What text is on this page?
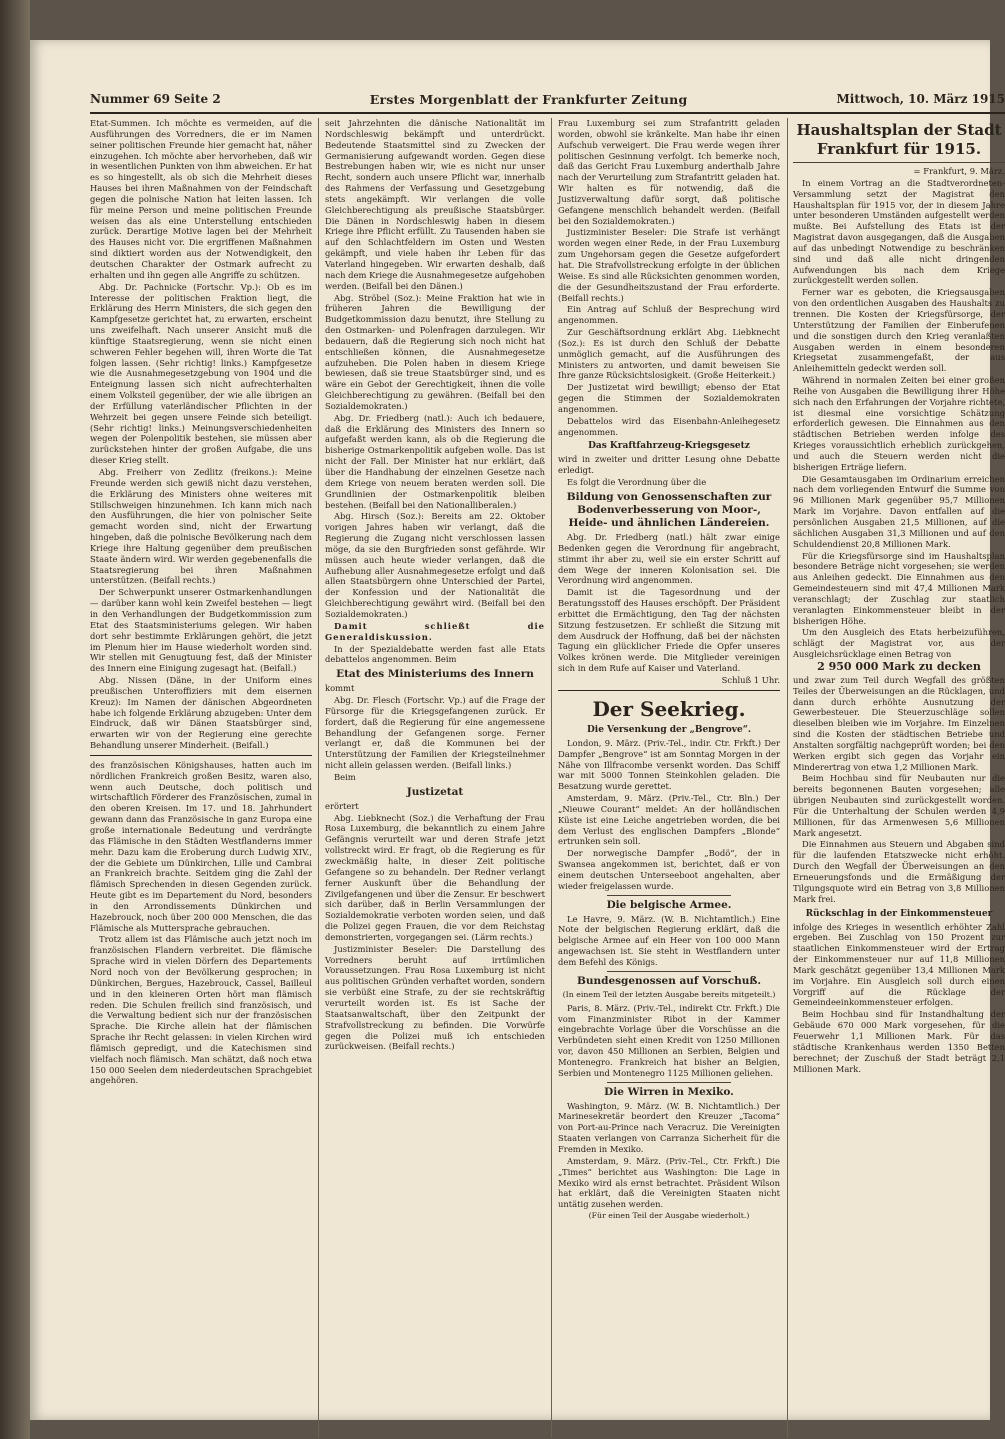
Nummer 69 Seite 2	Erstes Morgenblatt der Frankfurter Zeitung	Mittwoch, 10. März 1915

Etat-Summen. Ich möchte es vermeiden, auf die Ausführungen des Vorredners, die er im Namen seiner politischen Freunde hier gemacht hat, näher einzugehen. Ich möchte aber hervorheben, daß wir in wesentlichen Punkten von ihm abweichen. Er hat es so hingestellt, als ob sich die Mehrheit dieses Hauses bei ihren Maßnahmen von der Feindschaft gegen die polnische Nation hat leiten lassen. Ich für meine Person und meine politischen Freunde weisen das als eine Unterstellung entschieden zurück. Derartige Motive lagen bei der Mehrheit des Hauses nicht vor. Die ergriffenen Maßnahmen sind diktiert worden aus der Notwendigkeit, den deutschen Charakter der Ostmark aufrecht zu erhalten und ihn gegen alle Angriffe zu schützen.

Abg. Dr. Pachnicke (Fortschr. Vp.): Ob es im Interesse der politischen Fraktion liegt, die Erklärung des Herrn Ministers, die sich gegen den Kampfgesetze gerichtet hat, zu erwarten, erscheint uns zweifelhaft. Nach unserer Ansicht muß die künftige Staatsregierung, wenn sie nicht einen schweren Fehler begehen will, ihren Worte die Tat folgen lassen. (Sehr richtig! links.) Kampfgesetze wie die Ausnahmegesetzgebung von 1904 und die Enteignung lassen sich nicht aufrechterhalten einem Volksteil gegenüber, der wie alle übrigen an der Erfüllung vaterländischer Pflichten in der Wehrzeit bei gegen unsere Feinde sich beteiligt. (Sehr richtig! links.) Meinungsverschiedenheiten wegen der Polenpolitik bestehen, sie müssen aber zurückstehen hinter der großen Aufgabe, die uns dieser Krieg stellt.

Abg. Freiherr von Zedlitz (freikons.): Meine Freunde werden sich gewiß nicht dazu verstehen, die Erklärung des Ministers ohne weiteres mit Stillschweigen hinzunehmen. Ich kann mich nach den Ausführungen, die hier von polnischer Seite gemacht worden sind, nicht der Erwartung hingeben, daß die polnische Bevölkerung nach dem Kriege ihre Haltung gegenüber dem preußischen Staate ändern wird. Wir werden gegebenenfalls die Staatsregierung bei ihren Maßnahmen unterstützen. (Beifall rechts.)

Der Schwerpunkt unserer Ostmarkenhandlungen — darüber kann wohl kein Zweifel bestehen — liegt in den Verhandlungen der Budgetkommission zum Etat des Staatsministeriums gelegen. Wir haben dort sehr bestimmte Erklärungen gehört, die jetzt im Plenum hier im Hause wiederholt worden sind. Wir stellen mit Genugtuung fest, daß der Minister des Innern eine Einigung zugesagt hat. (Beifall.)

Abg. Nissen (Däne, in der Uniform eines preußischen Unteroffiziers mit dem eisernen Kreuz): Im Namen der dänischen Abgeordneten habe ich folgende Erklärung abzugeben: Unter dem Eindruck, daß wir Dänen Staatsbürger sind, erwarten wir von der Regierung eine gerechte Behandlung unserer Minderheit. (Beifall.)

des französischen Königshauses, hatten auch im nördlichen Frankreich großen Besitz, waren also, wenn auch Deutsche, doch politisch und wirtschaftlich Förderer des Französischen, zumal in den oberen Kreisen. Im 17. und 18. Jahrhundert gewann dann das Französische in ganz Europa eine große internationale Bedeutung und verdrängte das Flämische in den Städten Westflanderns immer mehr. Dazu kam die Eroberung durch Ludwig XIV., der die Gebiete um Dünkirchen, Lille und Cambrai an Frankreich brachte. Seitdem ging die Zahl der flämisch Sprechenden in diesen Gegenden zurück. Heute gibt es im Departement du Nord, besonders in den Arrondissements Dünkirchen und Hazebrouck, noch über 200 000 Menschen, die das Flämische als Muttersprache gebrauchen.

Trotz allem ist das Flämische auch jetzt noch im französischen Flandern verbreitet. Die flämische Sprache wird in vielen Dörfern des Departements Nord noch von der Bevölkerung gesprochen; in Dünkirchen, Bergues, Hazebrouck, Cassel, Bailleul und in den kleineren Orten hört man flämisch reden. Die Schulen freilich sind französisch, und die Verwaltung bedient sich nur der französischen Sprache. Die Kirche allein hat der flämischen Sprache ihr Recht gelassen: in vielen Kirchen wird flämisch gepredigt, und die Katechismen sind vielfach noch flämisch. Man schätzt, daß noch etwa 150 000 Seelen dem niederdeutschen Sprachgebiet angehören.

seit Jahrzehnten die dänische Nationalität im Nordschleswig bekämpft und unterdrückt. Bedeutende Staatsmittel sind zu Zwecken der Germanisierung aufgewandt worden. Gegen diese Bestrebungen haben wir, wie es nicht nur unser Recht, sondern auch unsere Pflicht war, innerhalb des Rahmens der Verfassung und Gesetzgebung stets angekämpft. Wir verlangen die volle Gleichberechtigung als preußische Staatsbürger. Die Dänen in Nordschleswig haben in diesem Kriege ihre Pflicht erfüllt. Zu Tausenden haben sie auf den Schlachtfeldern im Osten und Westen gekämpft, und viele haben ihr Leben für das Vaterland hingegeben. Wir erwarten deshalb, daß nach dem Kriege die Ausnahmegesetze aufgehoben werden. (Beifall bei den Dänen.)

Abg. Ströbel (Soz.): Meine Fraktion hat wie in früheren Jahren die Bewilligung der Budgetkommission dazu benutzt, ihre Stellung zu den Ostmarken- und Polenfragen darzulegen. Wir bedauern, daß die Regierung sich noch nicht hat entschließen können, die Ausnahmegesetze aufzuheben. Die Polen haben in diesem Kriege bewiesen, daß sie treue Staatsbürger sind, und es wäre ein Gebot der Gerechtigkeit, ihnen die volle Gleichberechtigung zu gewähren. (Beifall bei den Sozialdemokraten.)

Abg. Dr. Friedberg (natl.): Auch ich bedauere, daß die Erklärung des Ministers des Innern so aufgefaßt werden kann, als ob die Regierung die bisherige Ostmarkenpolitik aufgeben wolle. Das ist nicht der Fall. Der Minister hat nur erklärt, daß über die Handhabung der einzelnen Gesetze nach dem Kriege von neuem beraten werden soll. Die Grundlinien der Ostmarkenpolitik bleiben bestehen. (Beifall bei den Nationalliberalen.)

Abg. Hirsch (Soz.): Bereits am 22. Oktober vorigen Jahres haben wir verlangt, daß die Regierung die Zugang nicht verschlossen lassen möge, da sie den Burgfrieden sonst gefährde. Wir müssen auch heute wieder verlangen, daß die Aufhebung aller Ausnahmegesetze erfolgt und daß allen Staatsbürgern ohne Unterschied der Partei, der Konfession und der Nationalität die Gleichberechtigung gewährt wird. (Beifall bei den Sozialdemokraten.)

Damit schließt die Generaldiskussion.

In der Spezialdebatte werden fast alle Etats debattelos angenommen. Beim

Etat des Ministeriums des Innern

kommt

Abg. Dr. Flesch (Fortschr. Vp.) auf die Frage der Fürsorge für die Kriegsgefangenen zurück. Er fordert, daß die Regierung für eine angemessene Behandlung der Gefangenen sorge. Ferner verlangt er, daß die Kommunen bei der Unterstützung der Familien der Kriegsteilnehmer nicht allein gelassen werden. (Beifall links.)

Beim

Justizetat

erörtert

Abg. Liebknecht (Soz.) die Verhaftung der Frau Rosa Luxemburg, die bekanntlich zu einem Jahre Gefängnis verurteilt war und deren Strafe jetzt vollstreckt wird. Er fragt, ob die Regierung es für zweckmäßig halte, in dieser Zeit politische Gefangene so zu behandeln. Der Redner verlangt ferner Auskunft über die Behandlung der Zivilgefangenen und über die Zensur. Er beschwert sich darüber, daß in Berlin Versammlungen der Sozialdemokratie verboten worden seien, und daß die Polizei gegen Frauen, die vor dem Reichstag demonstrierten, vorgegangen sei. (Lärm rechts.)

Justizminister Beseler: Die Darstellung des Vorredners beruht auf irrtümlichen Voraussetzungen. Frau Rosa Luxemburg ist nicht aus politischen Gründen verhaftet worden, sondern sie verbüßt eine Strafe, zu der sie rechtskräftig verurteilt worden ist. Es ist Sache der Staatsanwaltschaft, über den Zeitpunkt der Strafvollstreckung zu befinden. Die Vorwürfe gegen die Polizei muß ich entschieden zurückweisen. (Beifall rechts.)

Frau Luxemburg sei zum Strafantritt geladen worden, obwohl sie kränkelte. Man habe ihr einen Aufschub verweigert. Die Frau werde wegen ihrer politischen Gesinnung verfolgt. Ich bemerke noch, daß das Gericht Frau Luxemburg anderthalb Jahre nach der Verurteilung zum Strafantritt geladen hat. Wir halten es für notwendig, daß die Justizverwaltung dafür sorgt, daß politische Gefangene menschlich behandelt werden. (Beifall bei den Sozialdemokraten.)

Justizminister Beseler: Die Strafe ist verhängt worden wegen einer Rede, in der Frau Luxemburg zum Ungehorsam gegen die Gesetze aufgefordert hat. Die Strafvollstreckung erfolgte in der üblichen Weise. Es sind alle Rücksichten genommen worden, die der Gesundheitszustand der Frau erforderte. (Beifall rechts.)

Ein Antrag auf Schluß der Besprechung wird angenommen.

Zur Geschäftsordnung erklärt Abg. Liebknecht (Soz.): Es ist durch den Schluß der Debatte unmöglich gemacht, auf die Ausführungen des Ministers zu antworten, und damit beweisen Sie Ihre ganze Rücksichtslosigkeit. (Große Heiterkeit.)

Der Justizetat wird bewilligt; ebenso der Etat gegen die Stimmen der Sozialdemokraten angenommen.

Debattelos wird das Eisenbahn-Anleihegesetz angenommen.

Das Kraftfahrzeug-Kriegsgesetz

wird in zweiter und dritter Lesung ohne Debatte erledigt.

Es folgt die Verordnung über die

Bildung von Genossenschaften zur Bodenverbesserung von Moor-, Heide- und ähnlichen Ländereien.

Abg. Dr. Friedberg (natl.) hält zwar einige Bedenken gegen die Verordnung für angebracht, stimmt ihr aber zu, weil sie ein erster Schritt auf dem Wege der inneren Kolonisation sei. Die Verordnung wird angenommen.

Damit ist die Tagesordnung und der Beratungsstoff des Hauses erschöpft. Der Präsident erbittet die Ermächtigung, den Tag der nächsten Sitzung festzusetzen. Er schließt die Sitzung mit dem Ausdruck der Hoffnung, daß bei der nächsten Tagung ein glücklicher Friede die Opfer unseres Volkes krönen werde. Die Mitglieder vereinigen sich in dem Rufe auf Kaiser und Vaterland.

Schluß 1 Uhr.

Der Seekrieg.
Die Versenkung der „Bengrove“.

London, 9. März. (Priv.-Tel., indir. Ctr. Frkft.) Der Dampfer „Bengrove“ ist am Sonntag Morgen in der Nähe von Illfracombe versenkt worden. Das Schiff war mit 5000 Tonnen Steinkohlen geladen. Die Besatzung wurde gerettet.

Amsterdam, 9. März. (Priv.-Tel., Ctr. Bln.) Der „Nieuwe Courant“ meldet: An der holländischen Küste ist eine Leiche angetrieben worden, die bei dem Verlust des englischen Dampfers „Blonde“ ertrunken sein soll.

Der norwegische Dampfer „Bodö“, der in Swansea angekommen ist, berichtet, daß er von einem deutschen Unterseeboot angehalten, aber wieder freigelassen wurde.

Die belgische Armee.

Le Havre, 9. März. (W. B. Nichtamtlich.) Eine Note der belgischen Regierung erklärt, daß die belgische Armee auf ein Heer von 100 000 Mann angewachsen ist. Sie steht in Westflandern unter dem Befehl des Königs.

Bundesgenossen auf Vorschuß.
(In einem Teil der letzten Ausgabe bereits mitgeteilt.)

Paris, 8. März. (Priv.-Tel., indirekt Ctr. Frkft.) Die vom Finanzminister Ribot in der Kammer eingebrachte Vorlage über die Vorschüsse an die Verbündeten sieht einen Kredit von 1250 Millionen vor, davon 450 Millionen an Serbien, Belgien und Montenegro. Frankreich hat bisher an Belgien, Serbien und Montenegro 1125 Millionen geliehen.

Die Wirren in Mexiko.

Washington, 9. März. (W. B. Nichtamtlich.) Der Marinesekretär beordert den Kreuzer „Tacoma“ von Port-au-Prince nach Veracruz. Die Vereinigten Staaten verlangen von Carranza Sicherheit für die Fremden in Mexiko.

Amsterdam, 9. März. (Priv.-Tel., Ctr. Frkft.) Die „Times“ berichtet aus Washington: Die Lage in Mexiko wird als ernst betrachtet. Präsident Wilson hat erklärt, daß die Vereinigten Staaten nicht untätig zusehen werden.

(Für einen Teil der Ausgabe wiederholt.)
Haushaltsplan der Stadt Frankfurt für 1915.

= Frankfurt, 9. März.

In einem Vortrag an die Stadtverordneten-Versammlung setzt der Magistrat den Haushaltsplan für 1915 vor, der in diesem Jahre unter besonderen Umständen aufgestellt werden mußte. Bei Aufstellung des Etats ist der Magistrat davon ausgegangen, daß die Ausgaben auf das unbedingt Notwendige zu beschränken sind und daß alle nicht dringenden Aufwendungen bis nach dem Kriege zurückgestellt werden sollen.

Ferner war es geboten, die Kriegsausgaben von den ordentlichen Ausgaben des Haushalts zu trennen. Die Kosten der Kriegsfürsorge, der Unterstützung der Familien der Einberufenen und die sonstigen durch den Krieg veranlaßten Ausgaben werden in einem besonderen Kriegsetat zusammengefaßt, der aus Anleihemitteln gedeckt werden soll.

Während in normalen Zeiten bei einer großen Reihe von Ausgaben die Bewilligung ihrer Höhe sich nach den Erfahrungen der Vorjahre richtete, ist diesmal eine vorsichtige Schätzung erforderlich gewesen. Die Einnahmen aus den städtischen Betrieben werden infolge des Krieges voraussichtlich erheblich zurückgehen, und auch die Steuern werden nicht die bisherigen Erträge liefern.

Die Gesamtausgaben im Ordinarium erreichen nach dem vorliegenden Entwurf die Summe von 96 Millionen Mark gegenüber 95,7 Millionen Mark im Vorjahre. Davon entfallen auf die persönlichen Ausgaben 21,5 Millionen, auf die sächlichen Ausgaben 31,3 Millionen und auf den Schuldendienst 20,8 Millionen Mark.

Für die Kriegsfürsorge sind im Haushaltsplan besondere Beträge nicht vorgesehen; sie werden aus Anleihen gedeckt. Die Einnahmen aus den Gemeindesteuern sind mit 47,4 Millionen Mark veranschlagt; der Zuschlag zur staatlich veranlagten Einkommensteuer bleibt in der bisherigen Höhe.

Um den Ausgleich des Etats herbeizuführen, schlägt der Magistrat vor, aus der Ausgleichsrücklage einen Betrag von

2 950 000 Mark zu decken

und zwar zum Teil durch Wegfall des größten Teiles der Überweisungen an die Rücklagen, und dann durch erhöhte Ausnutzung der Gewerbesteuer. Die Steuerzuschläge sollen dieselben bleiben wie im Vorjahre. Im Einzelnen sind die Kosten der städtischen Betriebe und Anstalten sorgfältig nachgeprüft worden; bei den Werken ergibt sich gegen das Vorjahr ein Minderertrag von etwa 1,2 Millionen Mark.

Beim Hochbau sind für Neubauten nur die bereits begonnenen Bauten vorgesehen; alle übrigen Neubauten sind zurückgestellt worden. Für die Unterhaltung der Schulen werden 4,9 Millionen, für das Armenwesen 5,6 Millionen Mark angesetzt.

Die Einnahmen aus Steuern und Abgaben sind für die laufenden Etatszwecke nicht erhöht. Durch den Wegfall der Überweisungen an den Erneuerungsfonds und die Ermäßigung der Tilgungsquote wird ein Betrag von 3,8 Millionen Mark frei.

Rückschlag in der Einkommensteuer

infolge des Krieges in wesentlich erhöhter Zahl ergeben. Bei Zuschlag von 150 Prozent zur staatlichen Einkommensteuer wird der Ertrag der Einkommensteuer nur auf 11,8 Millionen Mark geschätzt gegenüber 13,4 Millionen Mark im Vorjahre. Ein Ausgleich soll durch einen Vorgriff auf die Rücklage der Gemeindeeinkommensteuer erfolgen.

Beim Hochbau sind für Instandhaltung der Gebäude 670 000 Mark vorgesehen, für die Feuerwehr 1,1 Millionen Mark. Für das städtische Krankenhaus werden 1350 Betten berechnet; der Zuschuß der Stadt beträgt 2,1 Millionen Mark.
